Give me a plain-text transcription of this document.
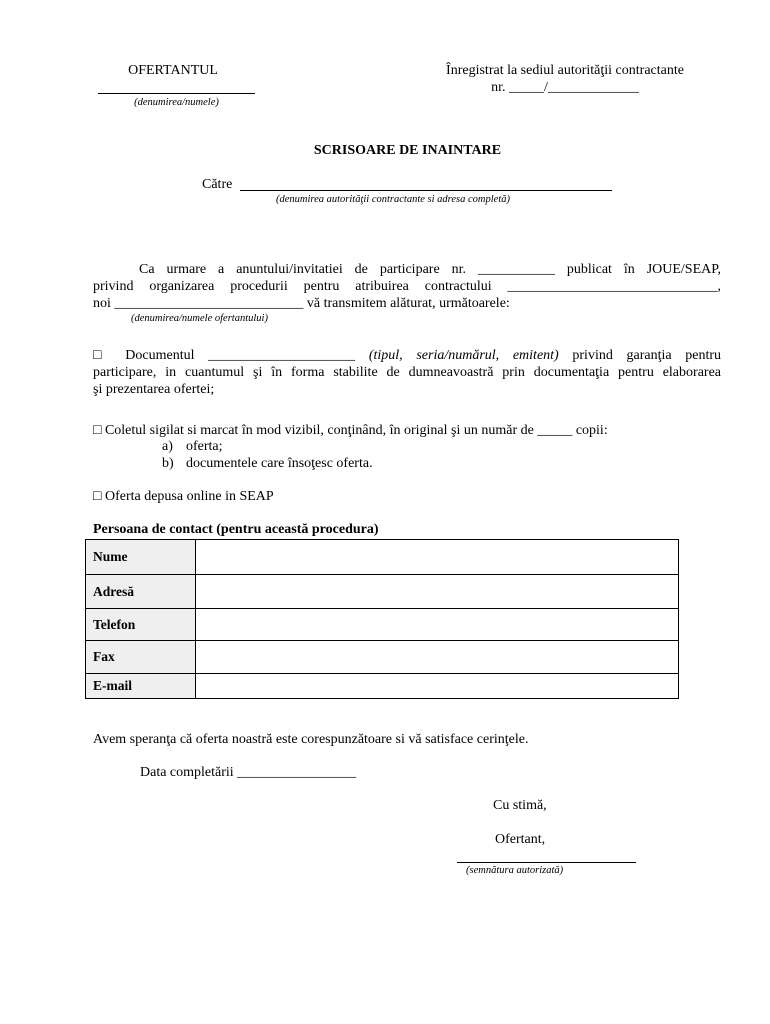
OFERTANTUL
(denumirea/numele)
Înregistrat la sediul autorităţii contractante
nr. _____/_____________
SCRISOARE DE INAINTARE
Către
(denumirea autorităţii contractante si adresa completă)
Ca urmare a anuntului/invitatiei de participare nr. ___________ publicat în JOUE/SEAP,
privind organizarea procedurii pentru atribuirea contractului ______________________________,
noi ___________________________ vă transmitem alăturat, următoarele:
(denumirea/numele ofertantului)
□ Documentul _____________________ (tipul, seria/numărul, emitent) privind garanţia pentru
participare, in cuantumul şi în forma stabilite de dumneavoastră prin documentaţia pentru elaborarea
şi prezentarea ofertei;
□ Coletul sigilat si marcat în mod vizibil, conţinând, în original şi un număr de _____ copii:
a) oferta;
b) documentele care însoţesc oferta.
□ Oferta depusa online in SEAP
Persoana de contact (pentru această procedura)
Nume	
Adresă	
Telefon	
Fax	
E-mail	
Avem speranţa că oferta noastră este corespunzătoare si vă satisface cerinţele.
Data completării _________________
Cu stimă,
Ofertant,
(semnătura autorizată)
